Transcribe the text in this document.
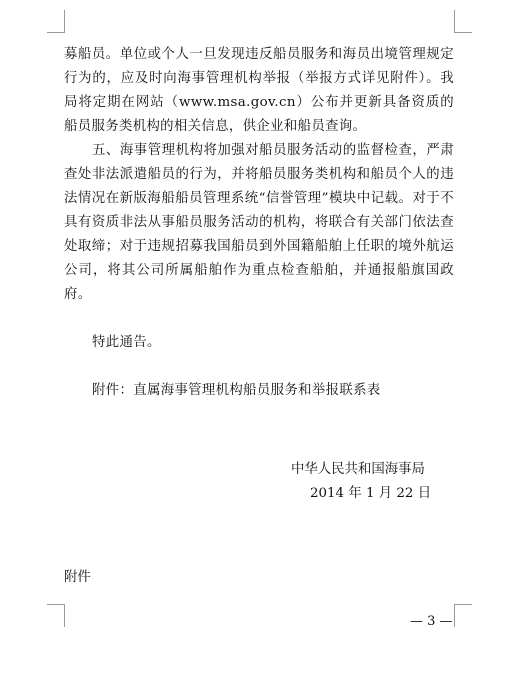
募船员。单位或个人一旦发现违反船员服务和海员出境管理规定行为的，应及时向海事管理机构举报（举报方式详见附件）。我局将定期在网站（www.msa.gov.cn）公布并更新具备资质的船员服务类机构的相关信息，供企业和船员查询。

五、海事管理机构将加强对船员服务活动的监督检查，严肃查处非法派遣船员的行为，并将船员服务类机构和船员个人的违法情况在新版海船船员管理系统“信誉管理”模块中记载。对于不具有资质非法从事船员服务活动的机构，将联合有关部门依法查处取缔；对于违规招募我国船员到外国籍船舶上任职的境外航运公司，将其公司所属船舶作为重点检查船舶，并通报船旗国政府。

特此通告。

附件：直属海事管理机构船员服务和举报联系表

中华人民共和国海事局
2014 年 1 月 22 日
附件
— 3 —
